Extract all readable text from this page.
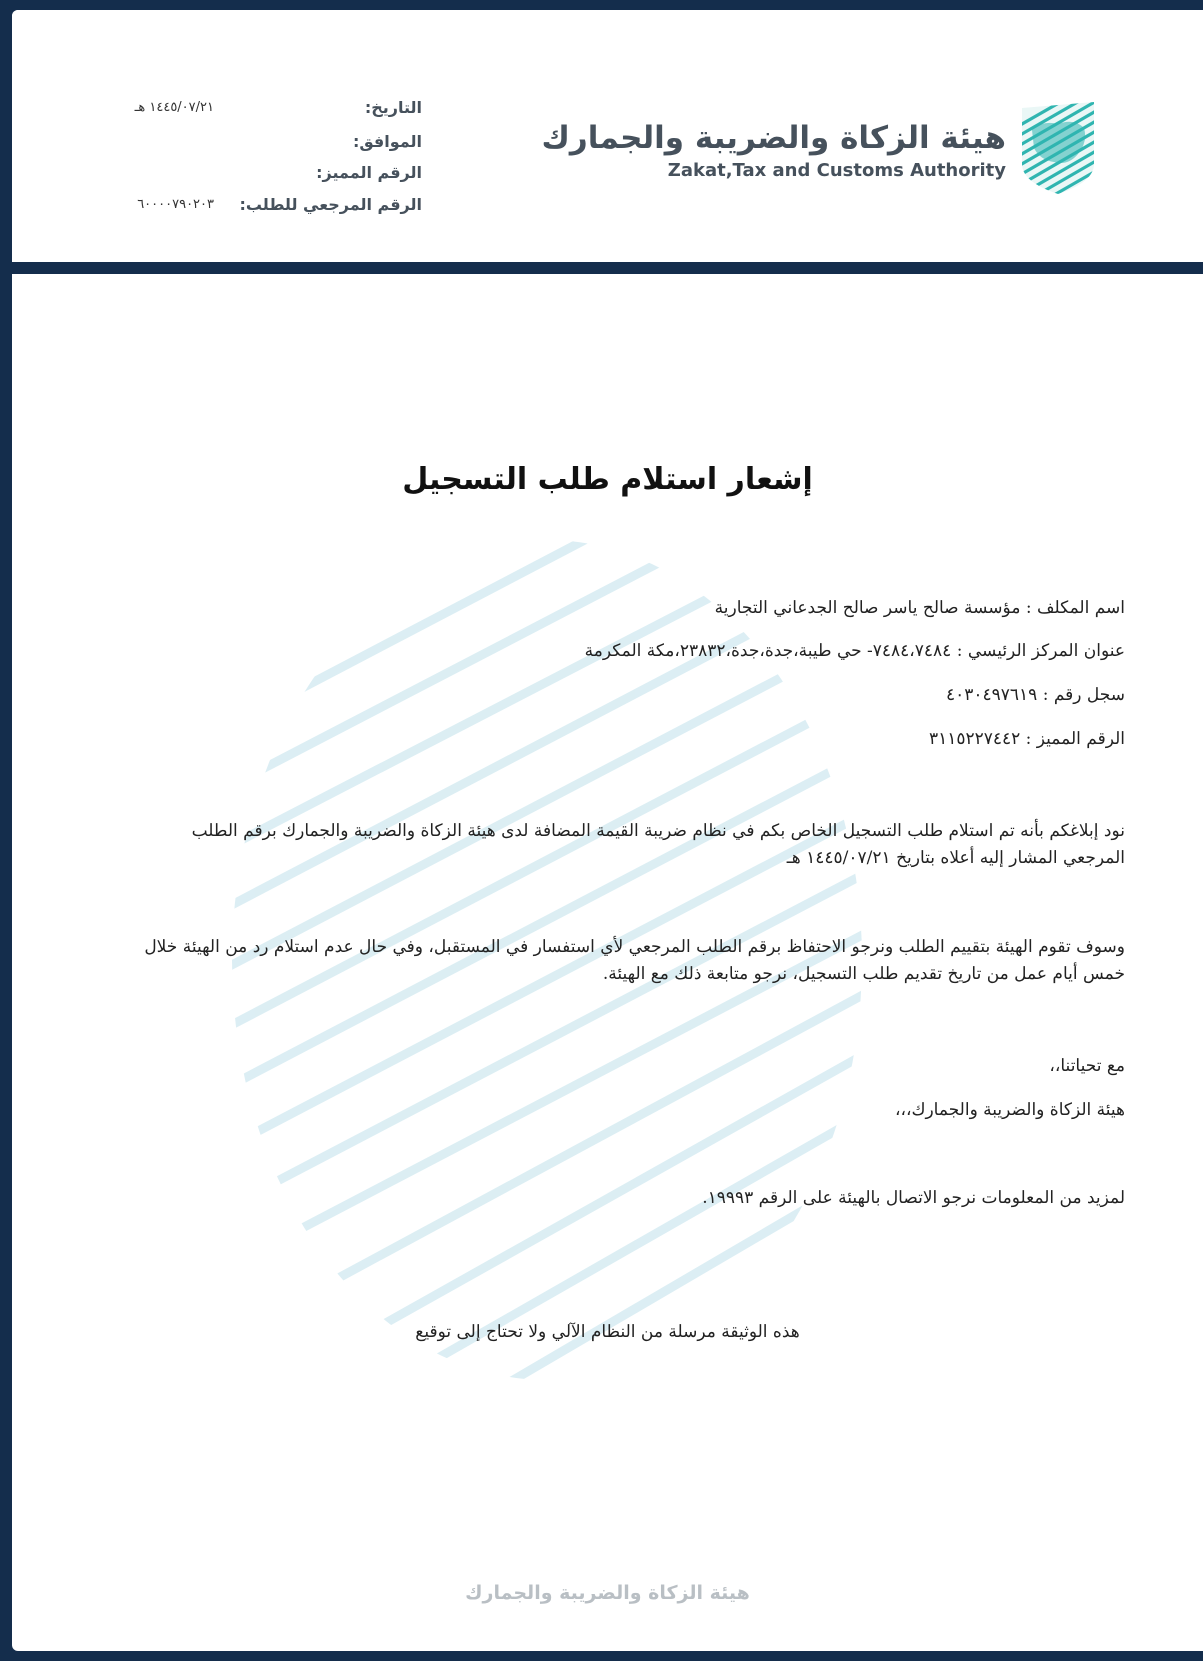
هيئة الزكاة والضريبة والجمارك
Zakat,Tax and Customs Authority
التاريخ:
١٤٤٥/٠٧/٢١ هـ
الموافق:
الرقم المميز:
الرقم المرجعي للطلب:
٦٠٠٠٠٧٩٠٢٠٣
إشعار استلام طلب التسجيل
اسم المكلف : مؤسسة صالح ياسر صالح الجدعاني التجارية
عنوان المركز الرئيسي : ٧٤٨٤،٧٤٨٤- حي طيبة،جدة،جدة،٢٣٨٣٢،مكة المكرمة
سجل رقم : ٤٠٣٠٤٩٧٦١٩
الرقم المميز : ٣١١٥٢٢٧٤٤٢
نود إبلاغكم بأنه تم استلام طلب التسجيل الخاص بكم في نظام ضريبة القيمة المضافة لدى هيئة الزكاة والضريبة والجمارك برقم الطلب
المرجعي المشار إليه أعلاه بتاريخ ١٤٤٥/٠٧/٢١ هـ
وسوف تقوم الهيئة بتقييم الطلب ونرجو الاحتفاظ برقم الطلب المرجعي لأي استفسار في المستقبل، وفي حال عدم استلام رد من الهيئة خلال
خمس أيام عمل من تاريخ تقديم طلب التسجيل، نرجو متابعة ذلك مع الهيئة.
مع تحياتنا،،
هيئة الزكاة والضريبة والجمارك،،،
لمزيد من المعلومات نرجو الاتصال بالهيئة على الرقم ١٩٩٩٣.
هذه الوثيقة مرسلة من النظام الآلي ولا تحتاج إلى توقيع
هيئة الزكاة والضريبة والجمارك
